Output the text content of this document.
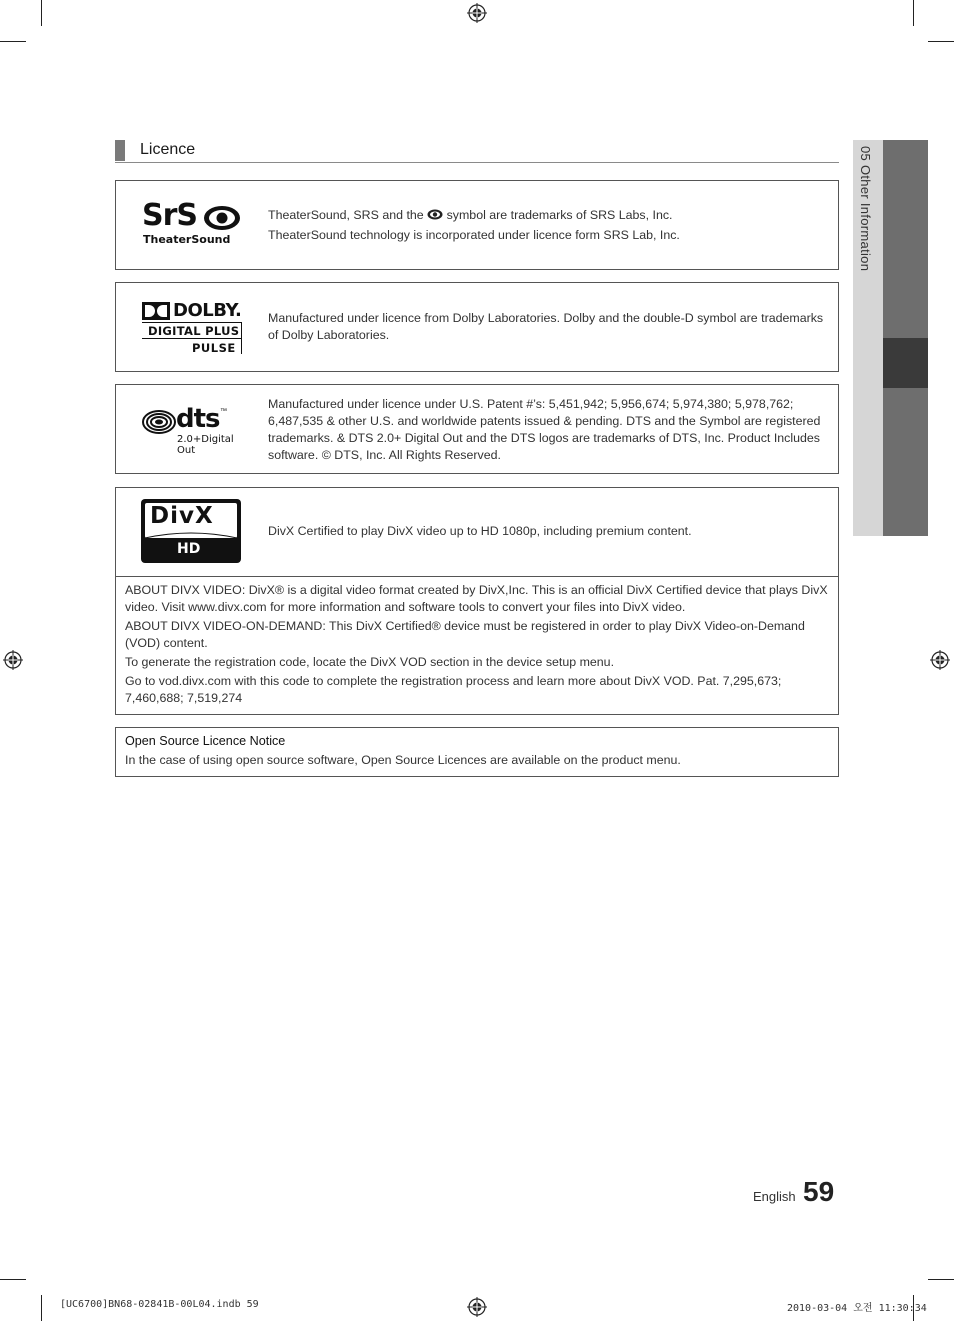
05 Other Information
Licence
SrS
TheaterSound

TheaterSound, SRS and the symbol are trademarks of SRS Labs, Inc.

TheaterSound technology is incorporated under licence form SRS Lab, Inc.

DOLBY.
DIGITAL PLUS
PULSE
Manufactured under licence from Dolby Laboratories. Dolby and the double-D symbol are trademarks of Dolby Laboratories.
dts ™
2.0+Digital Out
Manufactured under licence under U.S. Patent #’s: 5,451,942; 5,956,674; 5,974,380; 5,978,762; 6,487,535 & other U.S. and worldwide patents issued & pending. DTS and the Symbol are registered trademarks. & DTS 2.0+ Digital Out and the DTS logos are trademarks of DTS, Inc. Product Includes software. © DTS, Inc. All Rights Reserved.
DivX
HD
DivX Certified to play DivX video up to HD 1080p, including premium content.

ABOUT DIVX VIDEO: DivX® is a digital video format created by DivX,Inc. This is an official DivX Certified device that plays DivX video. Visit www.divx.com for more information and software tools to convert your files into DivX video.

ABOUT DIVX VIDEO-ON-DEMAND: This DivX Certified® device must be registered in order to play DivX Video-on-Demand (VOD) content.

To generate the registration code, locate the DivX VOD section in the device setup menu.

Go to vod.divx.com with this code to complete the registration process and learn more about DivX VOD. Pat. 7,295,673; 7,460,688; 7,519,274

Open Source Licence Notice
In the case of using open source software, Open Source Licences are available on the product menu.
English 59
[UC6700]BN68-02841B-00L04.indb 59	2010-03-04 오전 11:30:34
